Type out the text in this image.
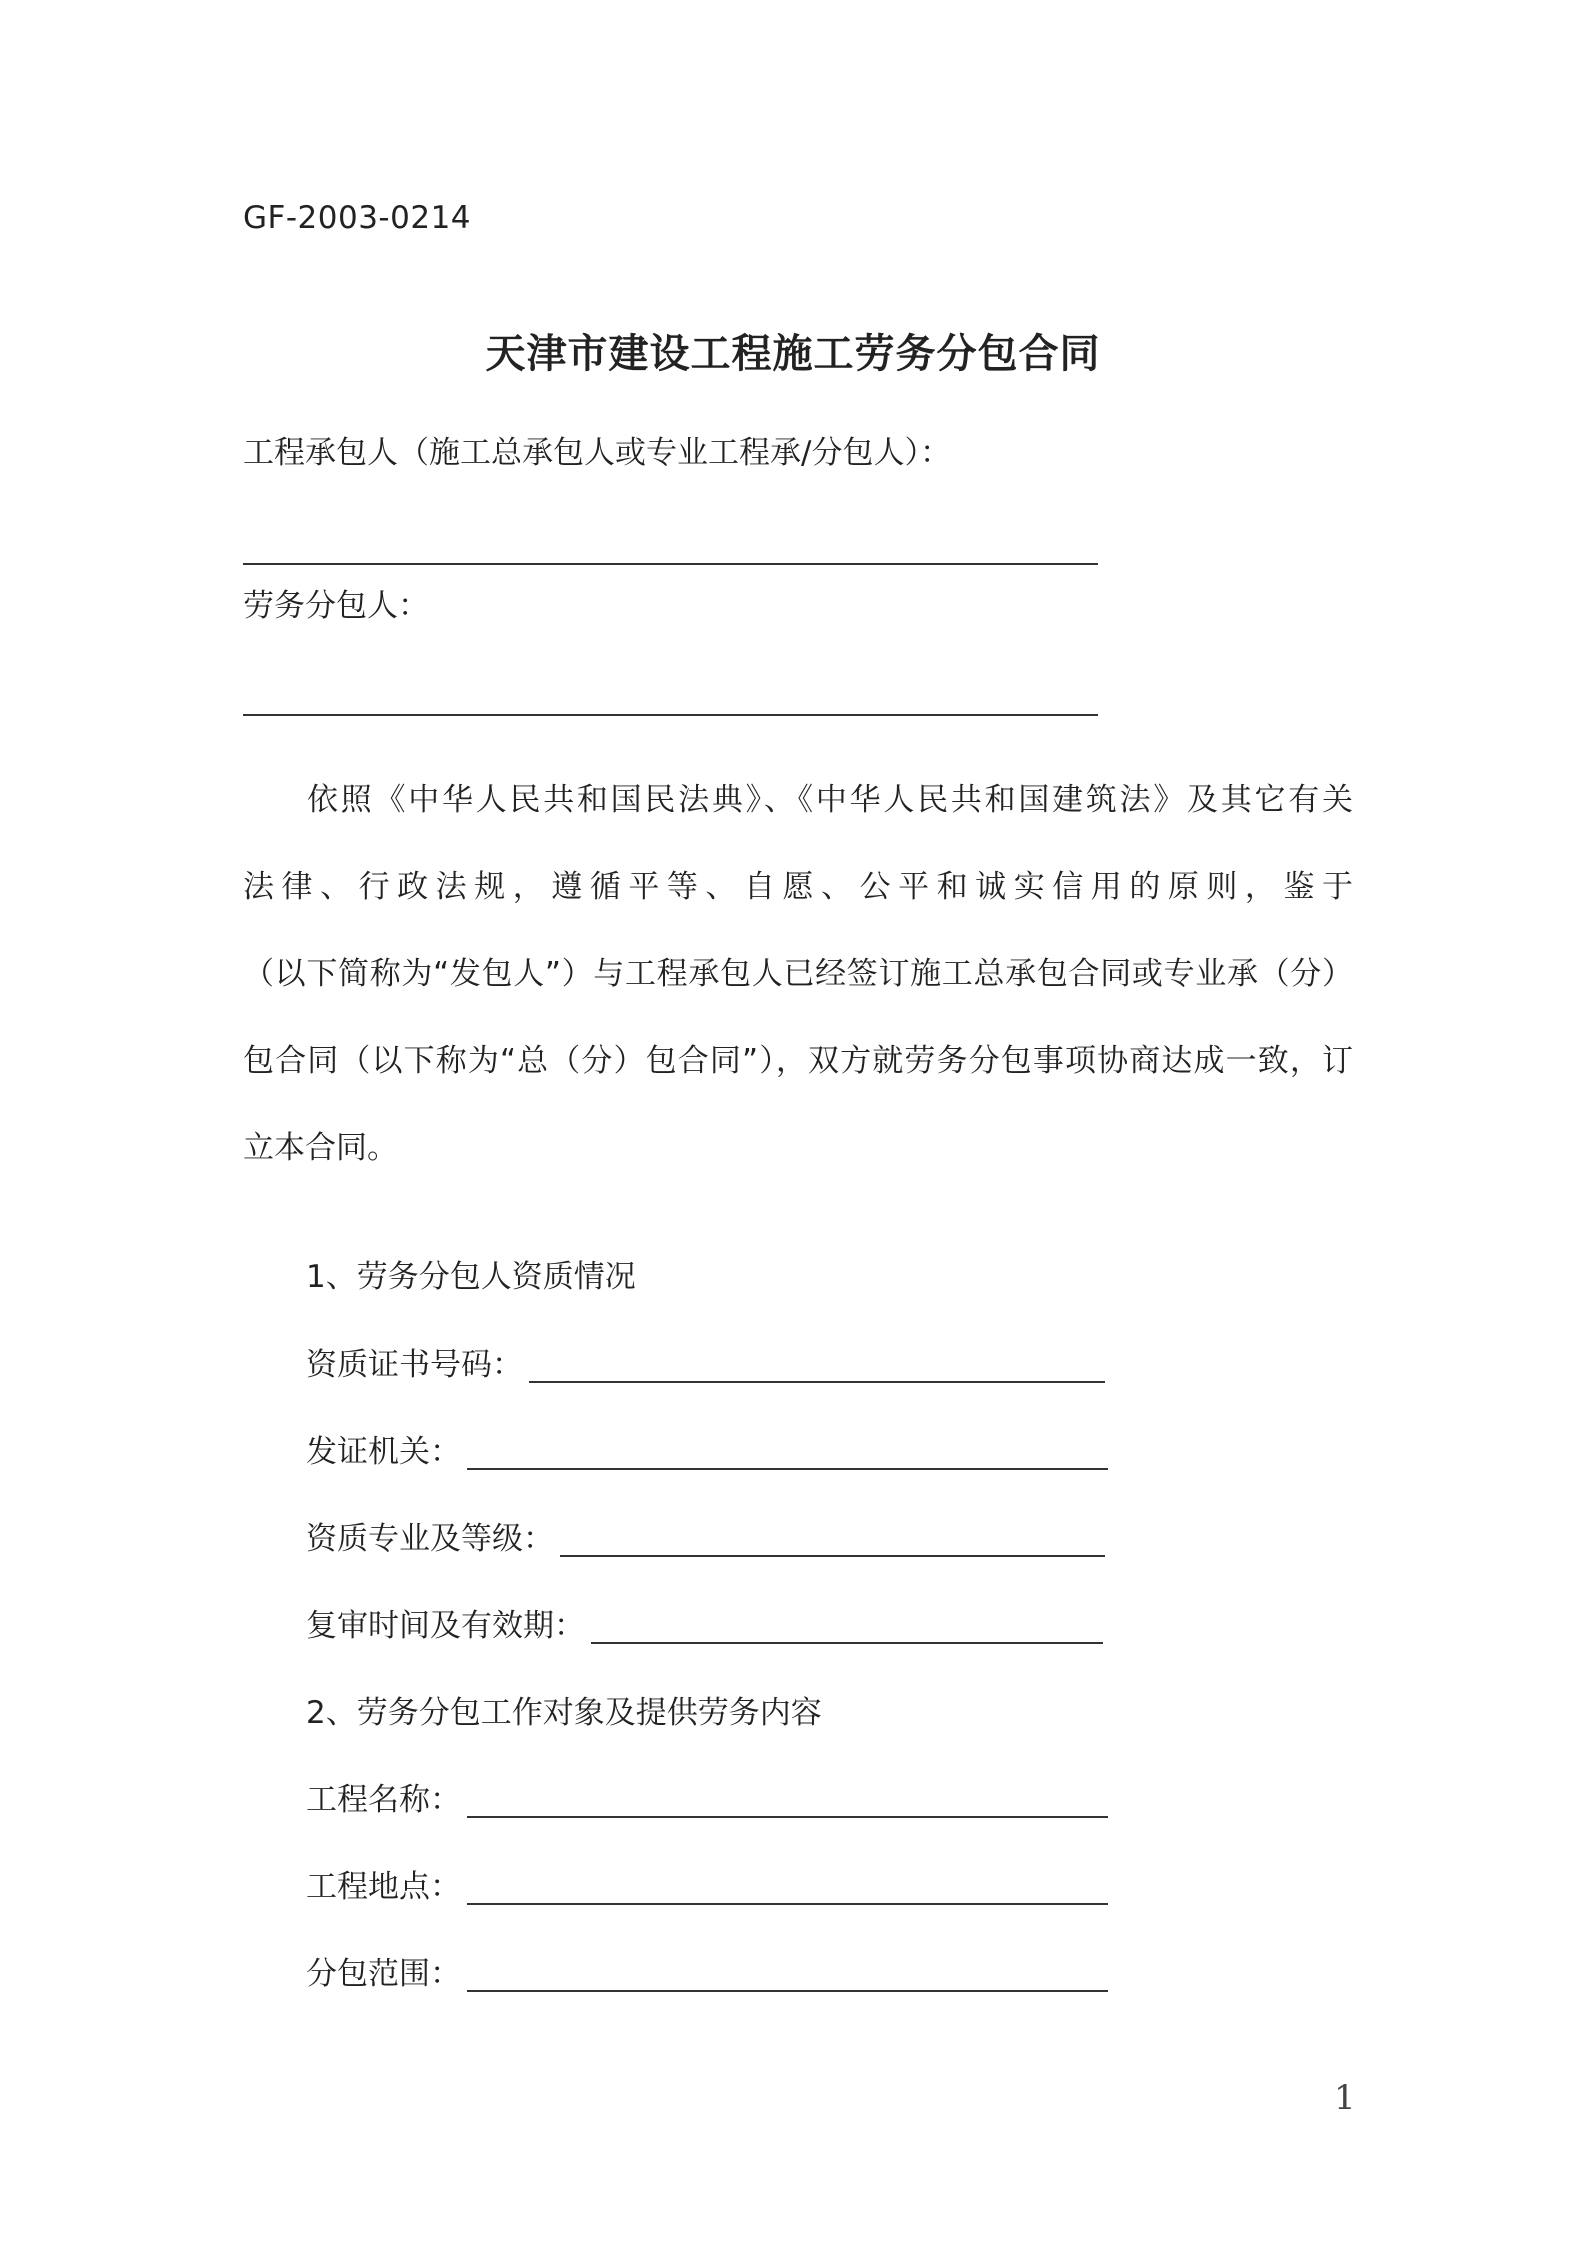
GF-2003-0214
天津市建设工程施工劳务分包合同
工程承包人（施工总承包人或专业工程承/分包人）：
劳务分包人：
依照《中华人民共和国民法典》、《中华人民共和国建筑法》及其它有关
法律、行政法规，遵循平等、自愿、公平和诚实信用的原则，鉴于
（以下简称为“发包人”）与工程承包人已经签订施工总承包合同或专业承（分）
包合同（以下称为“总（分）包合同”），双方就劳务分包事项协商达成一致，订
立本合同。
1、劳务分包人资质情况
资质证书号码：
发证机关：
资质专业及等级：
复审时间及有效期：
2、劳务分包工作对象及提供劳务内容
工程名称：
工程地点：
分包范围：
1
